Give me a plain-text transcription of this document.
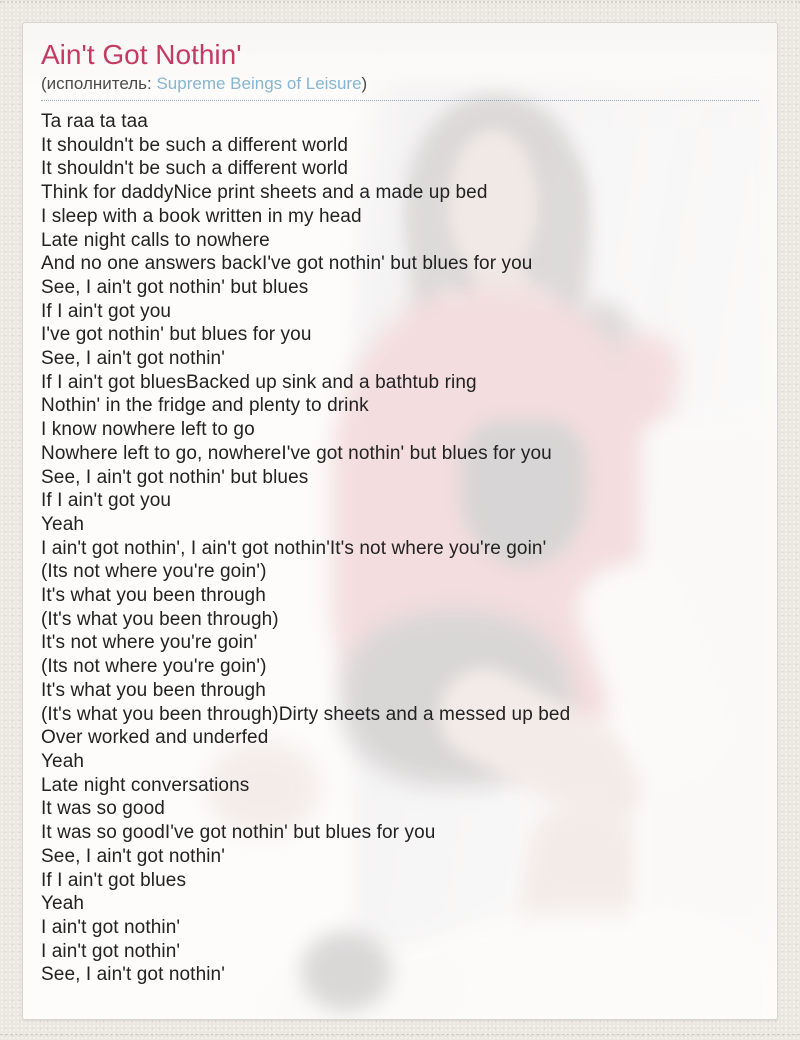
Ain't Got Nothin'
(исполнитель: Supreme Beings of Leisure)
Ta raa ta taa
It shouldn't be such a different world
It shouldn't be such a different world
Think for daddyNice print sheets and a made up bed
I sleep with a book written in my head
Late night calls to nowhere
And no one answers backI've got nothin' but blues for you
See, I ain't got nothin' but blues
If I ain't got you
I've got nothin' but blues for you
See, I ain't got nothin'
If I ain't got bluesBacked up sink and a bathtub ring
Nothin' in the fridge and plenty to drink
I know nowhere left to go
Nowhere left to go, nowhereI've got nothin' but blues for you
See, I ain't got nothin' but blues
If I ain't got you
Yeah
I ain't got nothin', I ain't got nothin'It's not where you're goin'
(Its not where you're goin')
It's what you been through
(It's what you been through)
It's not where you're goin'
(Its not where you're goin')
It's what you been through
(It's what you been through)Dirty sheets and a messed up bed
Over worked and underfed
Yeah
Late night conversations
It was so good
It was so goodI've got nothin' but blues for you
See, I ain't got nothin'
If I ain't got blues
Yeah
I ain't got nothin'
I ain't got nothin'
See, I ain't got nothin'
